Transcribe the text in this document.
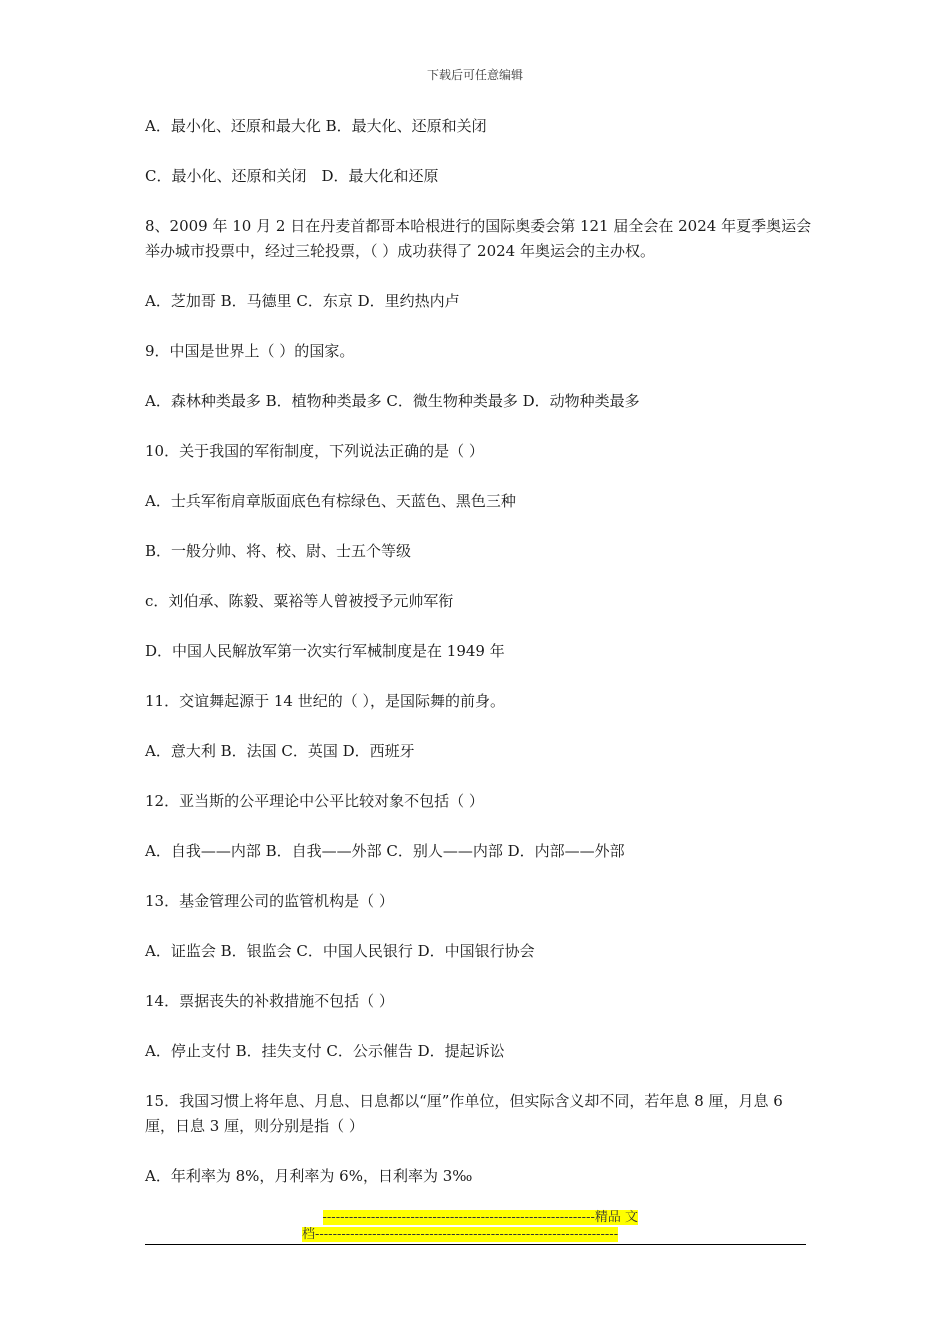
下载后可任意编辑

A．最小化、还原和最大化 B．最大化、还原和关闭

C．最小化、还原和关闭　D．最大化和还原

8、2009 年 10 月 2 日在丹麦首都哥本哈根进行的国际奥委会第 121 届全会在 2024 年夏季奥运会举办城市投票中，经过三轮投票，（ ）成功获得了 2024 年奥运会的主办权。

A．芝加哥 B．马德里 C．东京 D．里约热内卢

9．中国是世界上（ ）的国家。

A．森林种类最多 B．植物种类最多 C．微生物种类最多 D．动物种类最多

10．关于我国的军衔制度，下列说法正确的是（ ）

A．士兵军衔肩章版面底色有棕绿色、天蓝色、黑色三种

B．一般分帅、将、校、尉、士五个等级

c．刘伯承、陈毅、粟裕等人曾被授予元帅军衔

D．中国人民解放军第一次实行军械制度是在 1949 年

11．交谊舞起源于 14 世纪的（ ），是国际舞的前身。

A．意大利 B．法国 C．英国 D．西班牙

12．亚当斯的公平理论中公平比较对象不包括（ ）

A．自我——内部 B．自我——外部 C．别人——内部 D．内部——外部

13．基金管理公司的监管机构是（ ）

A．证监会 B．银监会 C．中国人民银行 D．中国银行协会

14．票据丧失的补救措施不包括（ ）

A．停止支付 B．挂失支付 C．公示催告 D．提起诉讼

15．我国习惯上将年息、月息、日息都以“厘”作单位，但实际含义却不同，若年息 8 厘，月息 6 厘，日息 3 厘，则分别是指（ ）

A．年利率为 8%，月利率为 6%，日利率为 3‰

--------------------------------------------------------------精品 文
档---------------------------------------------------------------------
